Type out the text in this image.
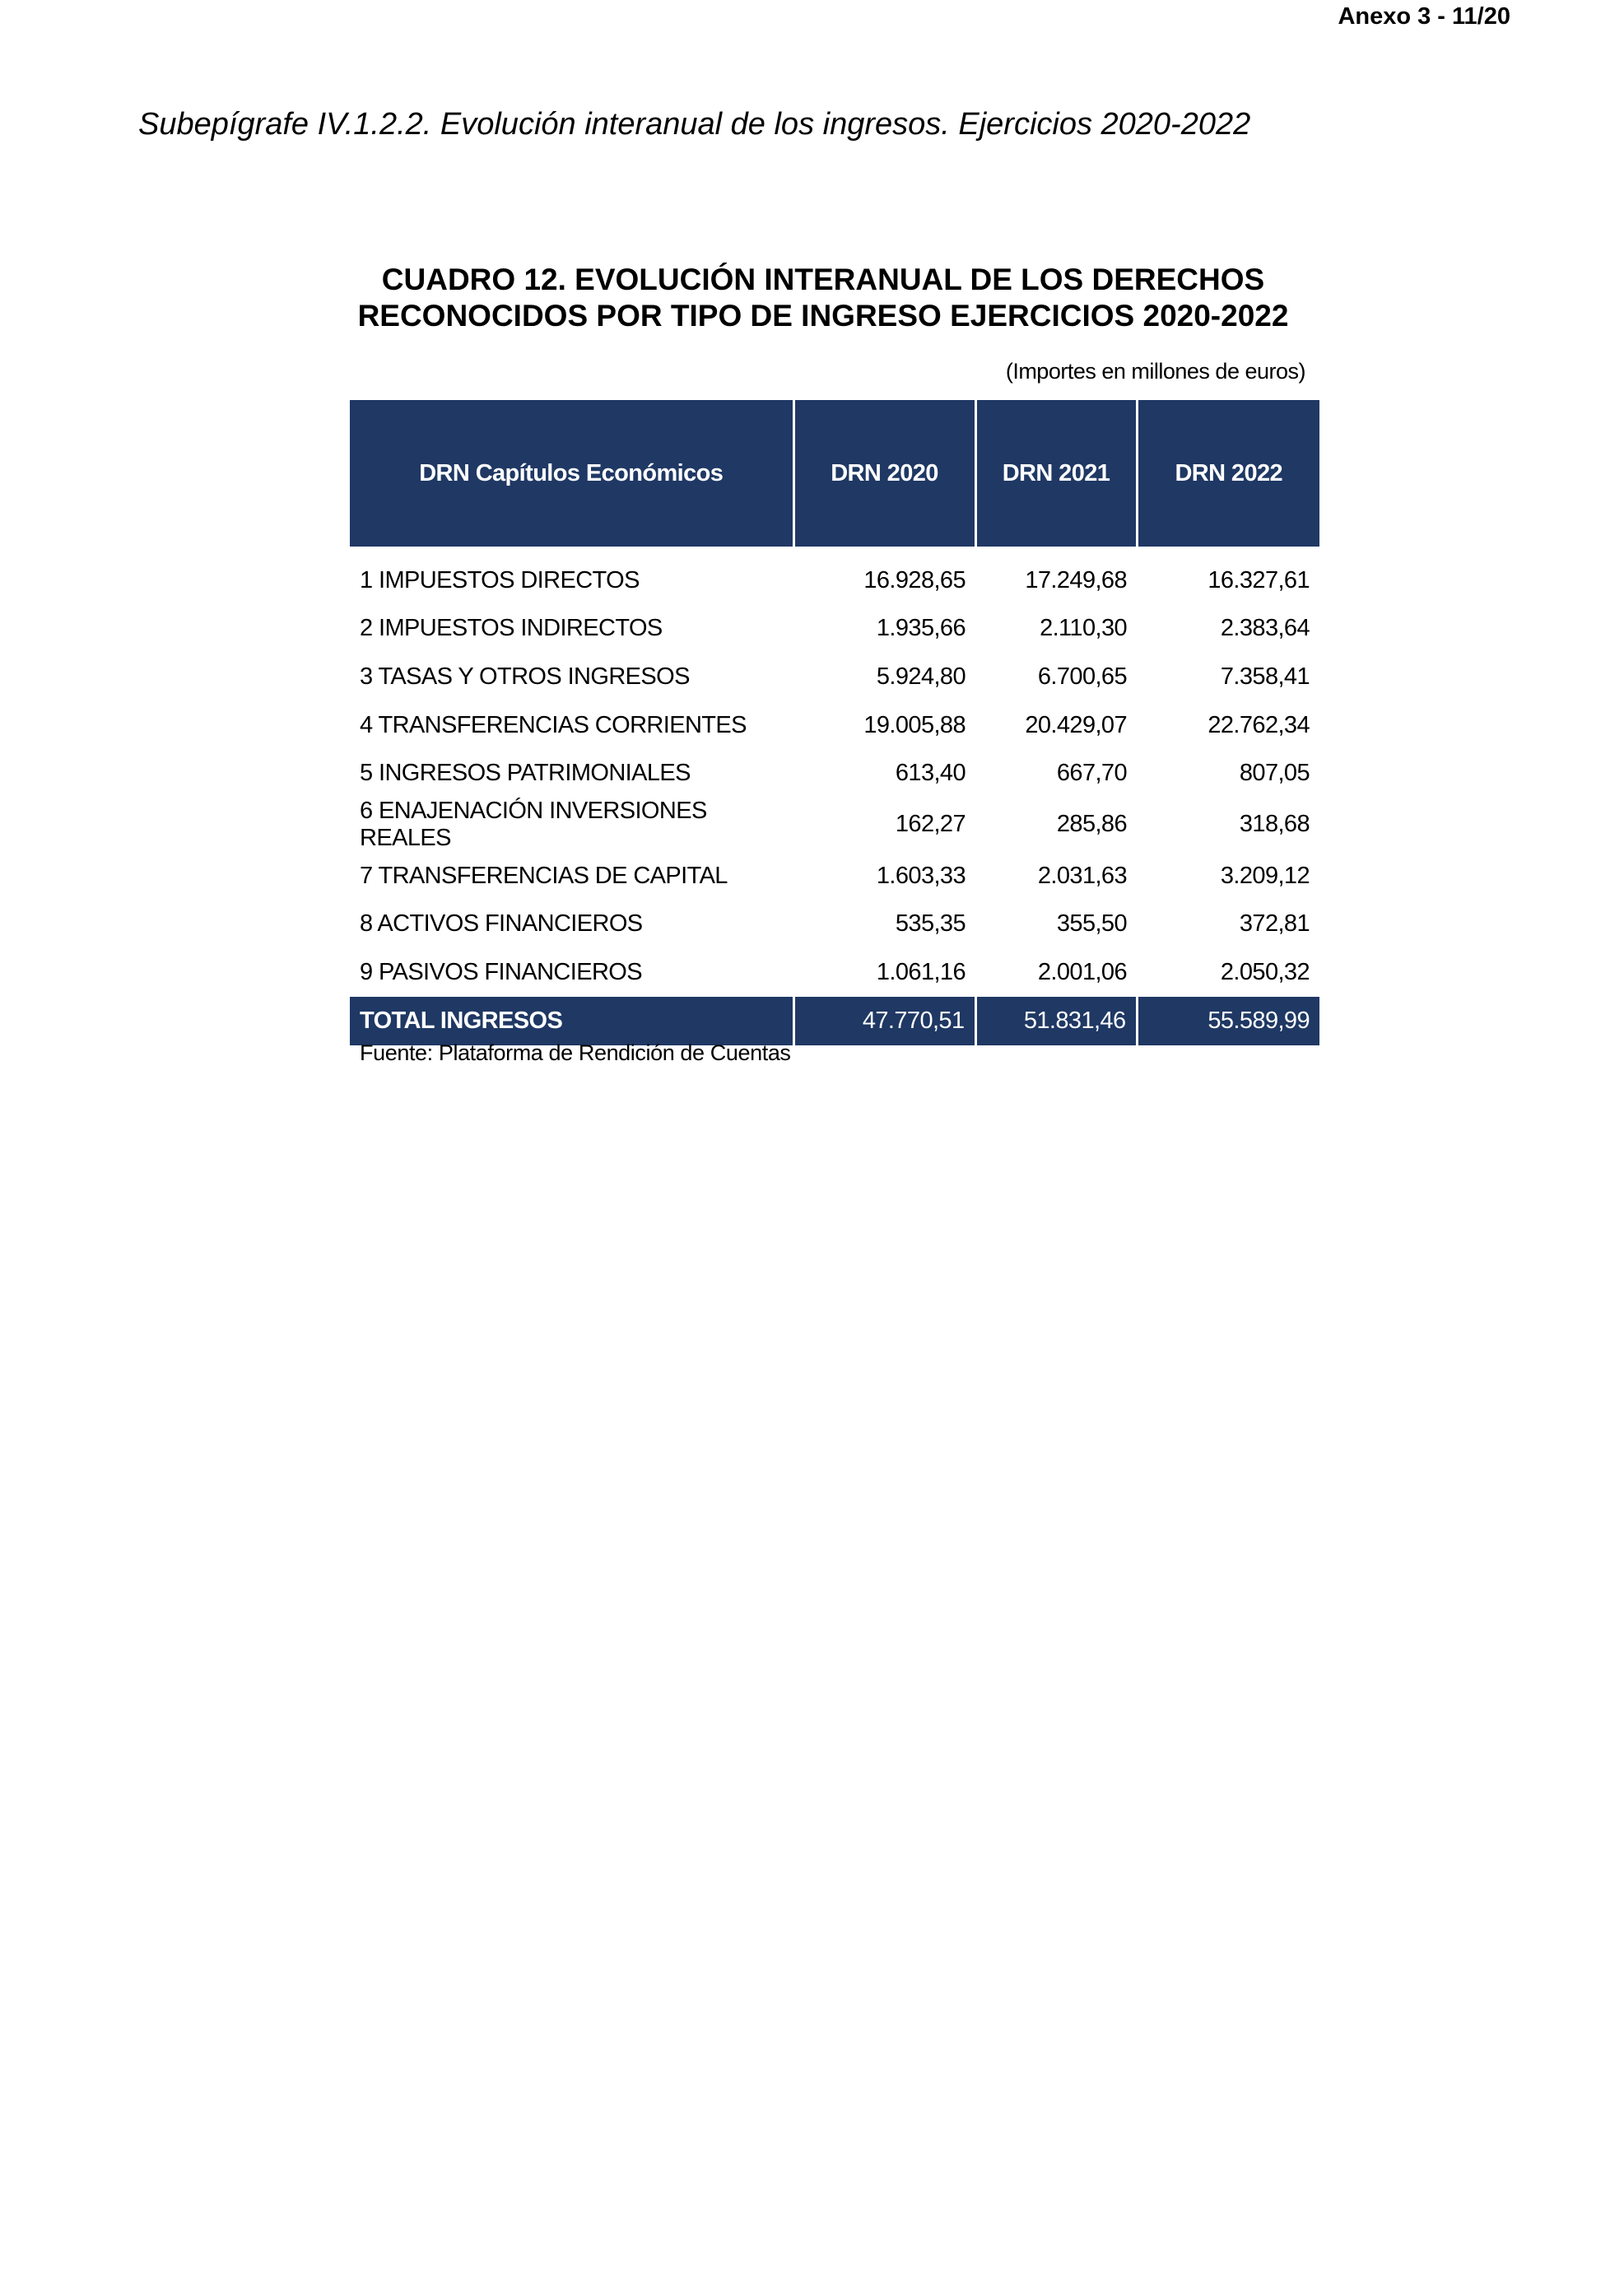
Anexo 3 - 11/20
Subepígrafe IV.1.2.2. Evolución interanual de los ingresos. Ejercicios 2020-2022
CUADRO 12. EVOLUCIÓN INTERANUAL DE LOS DERECHOS
RECONOCIDOS POR TIPO DE INGRESO EJERCICIOS 2020-2022
(Importes en millones de euros)
DRN Capítulos Económicos	DRN 2020	DRN 2021	DRN 2022

1 IMPUESTOS DIRECTOS	16.928,65	17.249,68	16.327,61
2 IMPUESTOS INDIRECTOS	1.935,66	2.110,30	2.383,64
3 TASAS Y OTROS INGRESOS	5.924,80	6.700,65	7.358,41
4 TRANSFERENCIAS CORRIENTES	19.005,88	20.429,07	22.762,34
5 INGRESOS PATRIMONIALES	613,40	667,70	807,05
6 ENAJENACIÓN INVERSIONES REALES	162,27	285,86	318,68
7 TRANSFERENCIAS DE CAPITAL	1.603,33	2.031,63	3.209,12
8 ACTIVOS FINANCIEROS	535,35	355,50	372,81
9 PASIVOS FINANCIEROS	1.061,16	2.001,06	2.050,32
TOTAL INGRESOS	47.770,51	51.831,46	55.589,99
Fuente: Plataforma de Rendición de Cuentas
